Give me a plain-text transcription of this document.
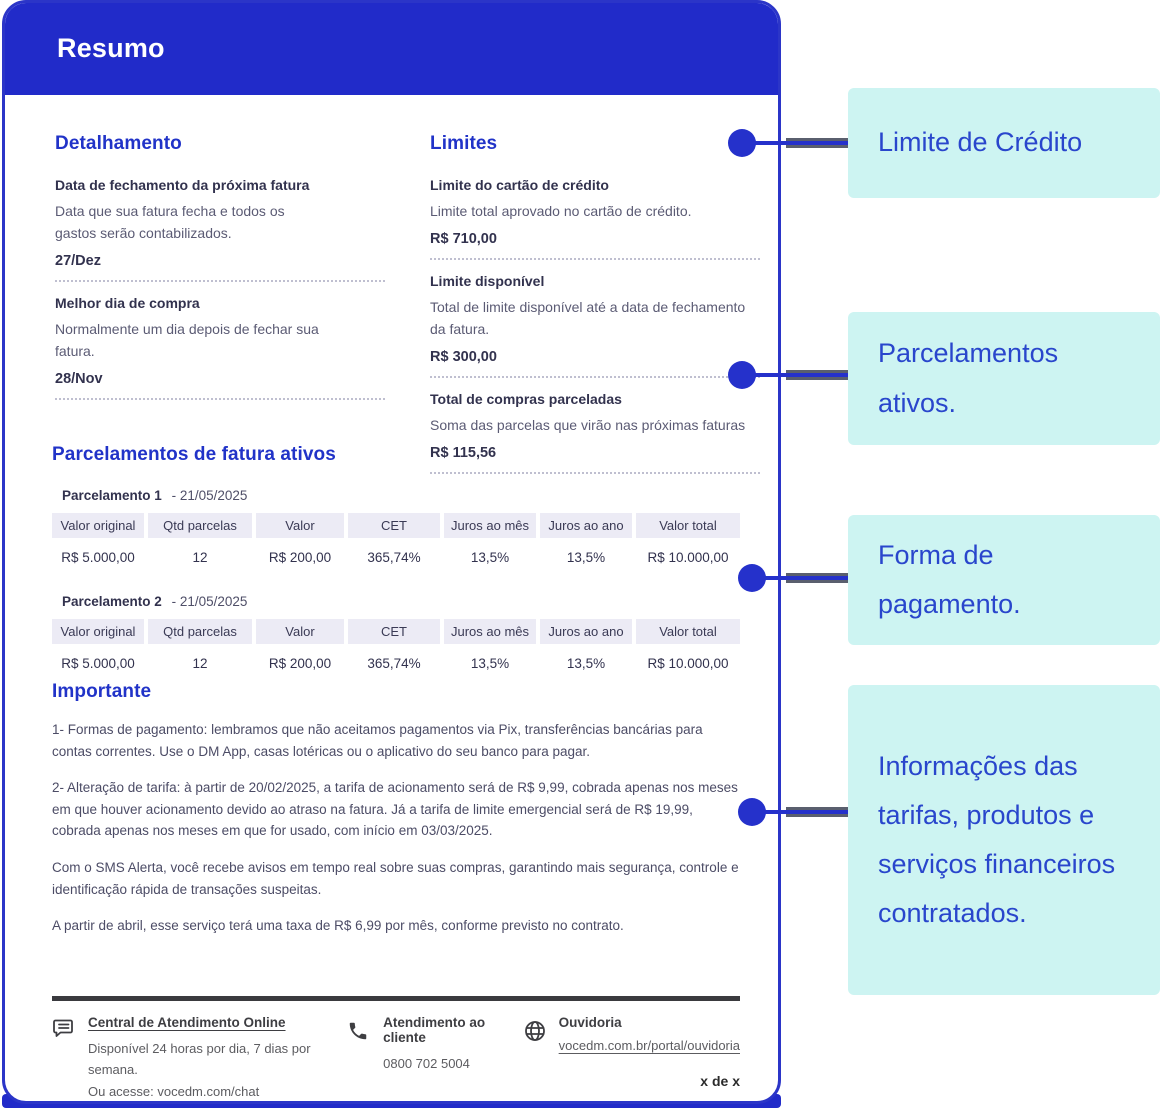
Resumo
Detalhamento
Data de fechamento da próxima fatura
Data que sua fatura fecha e todos os gastos serão contabilizados.
27/Dez
Melhor dia de compra
Normalmente um dia depois de fechar sua fatura.
28/Nov
Limites
Limite do cartão de crédito
Limite total aprovado no cartão de crédito.
R$ 710,00
Limite disponível
Total de limite disponível até a data de fechamento da fatura.
R$ 300,00
Total de compras parceladas
Soma das parcelas que virão nas próximas faturas
R$ 115,56
Parcelamentos de fatura ativos
Parcelamento 1 - 21/05/2025
Valor original	Qtd parcelas	Valor	CET	Juros ao mês	Juros ao ano	Valor total
R$ 5.000,00	12	R$ 200,00	365,74%	13,5%	13,5%	R$ 10.000,00
Parcelamento 2 - 21/05/2025
Valor original	Qtd parcelas	Valor	CET	Juros ao mês	Juros ao ano	Valor total
R$ 5.000,00	12	R$ 200,00	365,74%	13,5%	13,5%	R$ 10.000,00
Importante

1- Formas de pagamento: lembramos que não aceitamos pagamentos via Pix, transferências bancárias para contas correntes. Use o DM App, casas lotéricas ou o aplicativo do seu banco para pagar.

2- Alteração de tarifa: à partir de 20/02/2025, a tarifa de acionamento será de R$ 9,99, cobrada apenas nos meses em que houver acionamento devido ao atraso na fatura. Já a tarifa de limite emergencial será de R$ 19,99, cobrada apenas nos meses em que for usado, com início em 03/03/2025.

Com o SMS Alerta, você recebe avisos em tempo real sobre suas compras, garantindo mais segurança, controle e identificação rápida de transações suspeitas.

A partir de abril, esse serviço terá uma taxa de R$ 6,99 por mês, conforme previsto no contrato.

Central de Atendimento Online
Disponível 24 horas por dia, 7 dias por semana.
Ou acesse: vocedm.com/chat
Atendimento ao cliente
0800 702 5004
Ouvidoria
vocedm.com.br/portal/ouvidoria
x de x
Limite de Crédito
Parcelamentos ativos.
Forma de pagamento.
Informações das tarifas, produtos e serviços financeiros contratados.
